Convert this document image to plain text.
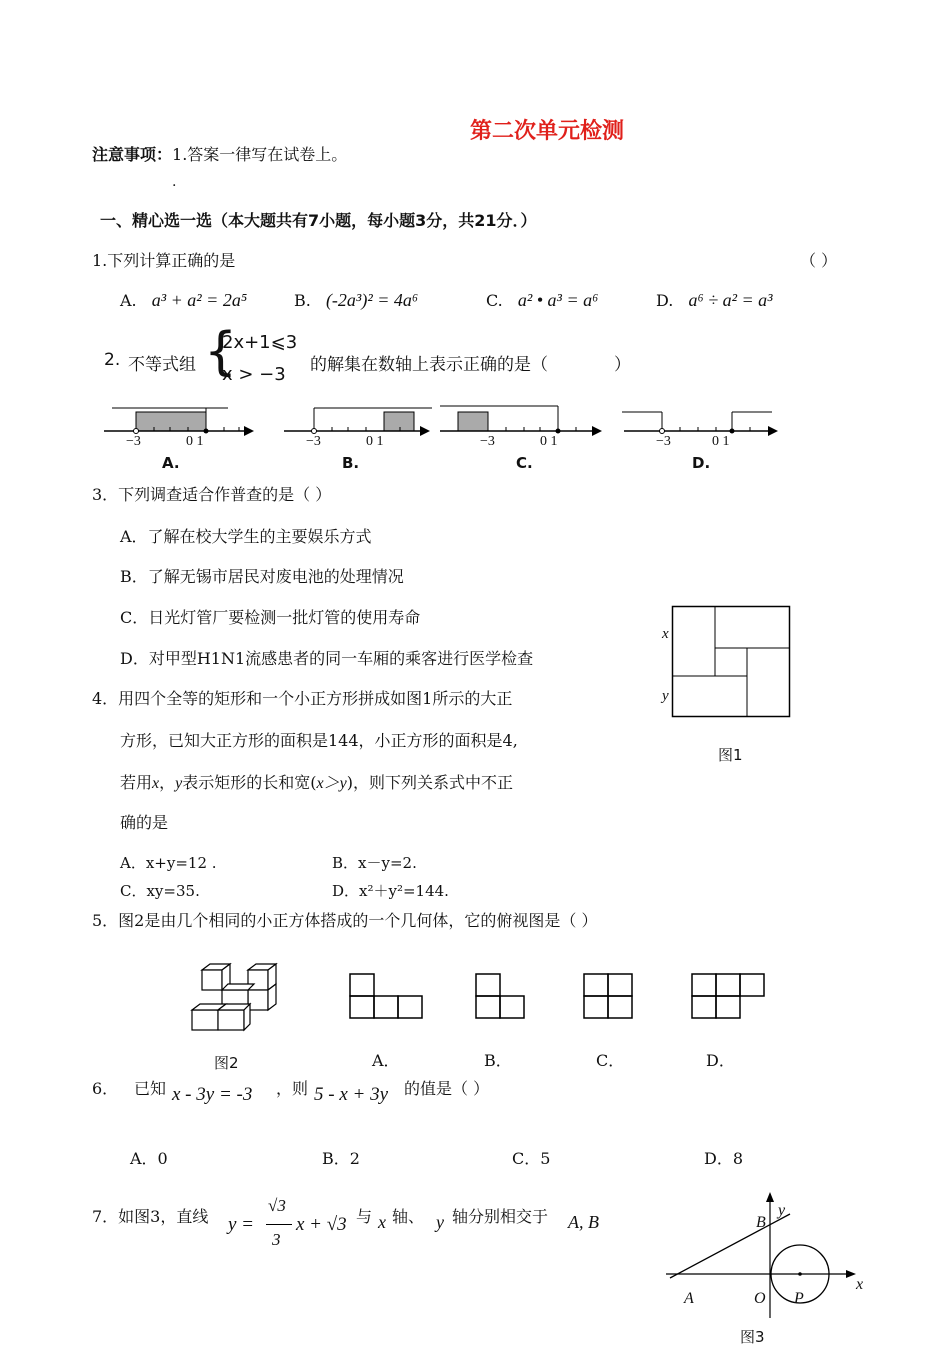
第二次单元检测
注意事项：1.答案一律写在试卷上。
.
一、精心选一选（本大题共有7小题，每小题3分，共21分．）
1.下列计算正确的是	（ ）
A. a³ + a² = 2a⁵	B. (-2a³)² = 4a⁶	C. a² • a³ = a⁶	D. a⁶ ÷ a² = a³
2. 不等式组 {
2x+1⩽3
x > −3 的解集在数轴上表示正确的是（	）
−3	0 1
A.
−3	0 1
B.
−3	0 1
C.
−3	0 1
D.
3．下列调查适合作普查的是（ ）
A．了解在校大学生的主要娱乐方式
B．了解无锡市居民对废电池的处理情况
C．日光灯管厂要检测一批灯管的使用寿命
D．对甲型H1N1流感患者的同一车厢的乘客进行医学检查
x
y
图1
4．用四个全等的矩形和一个小正方形拼成如图1所示的大正
方形，已知大正方形的面积是144，小正方形的面积是4,
若用x，y表示矩形的长和宽(x＞y)，则下列关系式中不正
确的是
A．x+y=12 .	B．x－y=2.
C．xy=35.	D．x²＋y²=144.
5．图2是由几个相同的小正方体搭成的一个几何体，它的俯视图是（ ）
图2	A．	B．	C．	D．
6． 已知 x - 3y = -3 ，则 5 - x + 3y 的值是（ ）
A．0	B．2	C．5	D．8
7．如图3，直线 y =
√3
3
x + √3 与 x 轴、 y 轴分别相交于 A, B
y
B
x
A	O P
图3
